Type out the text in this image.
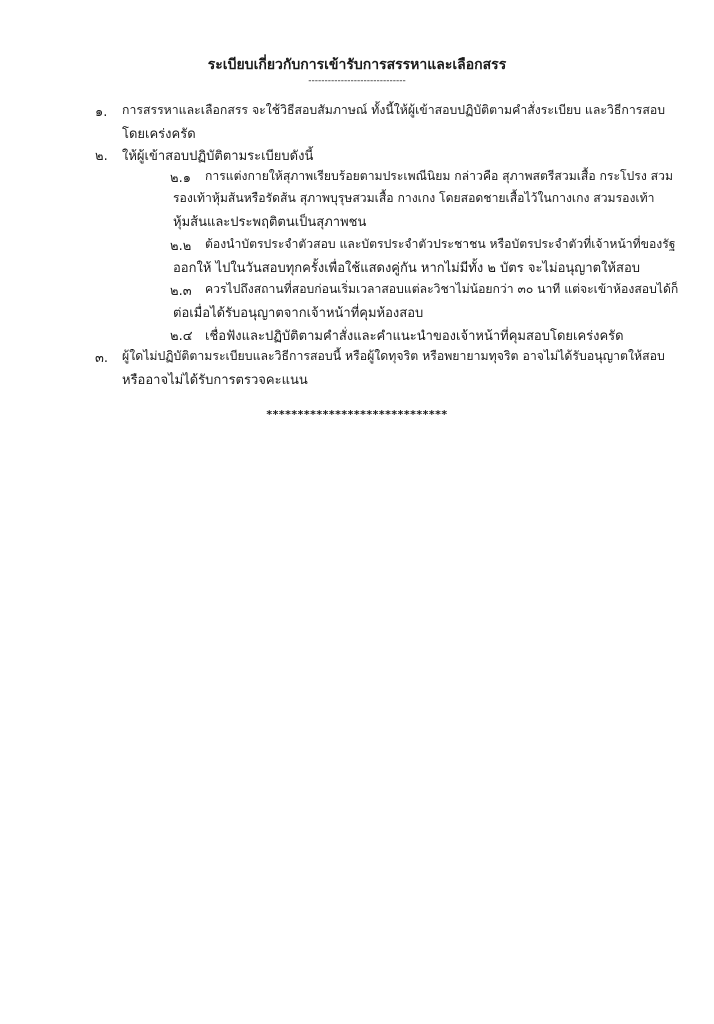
ระเบียบเกี่ยวกับการเข้ารับการสรรหาและเลือกสรร
------------------------------
๑. การสรรหาและเลือกสรร จะใช้วิธีสอบสัมภาษณ์ ทั้งนี้ให้ผู้เข้าสอบปฏิบัติตามคำสั่งระเบียบ และวิธีการสอบ
โดยเคร่งครัด
๒. ให้ผู้เข้าสอบปฏิบัติตามระเบียบดังนี้
๒.๑ การแต่งกายให้สุภาพเรียบร้อยตามประเพณีนิยม กล่าวคือ สุภาพสตรีสวมเสื้อ กระโปรง สวม
รองเท้าหุ้มส้นหรือรัดส้น สุภาพบุรุษสวมเสื้อ กางเกง โดยสอดชายเสื้อไว้ในกางเกง สวมรองเท้า
หุ้มส้นและประพฤติตนเป็นสุภาพชน
๒.๒ ต้องนำบัตรประจำตัวสอบ และบัตรประจำตัวประชาชน หรือบัตรประจำตัวที่เจ้าหน้าที่ของรัฐ
ออกให้ ไปในวันสอบทุกครั้งเพื่อใช้แสดงคู่กัน หากไม่มีทั้ง ๒ บัตร จะไม่อนุญาตให้สอบ
๒.๓ ควรไปถึงสถานที่สอบก่อนเริ่มเวลาสอบแต่ละวิชาไม่น้อยกว่า ๓๐ นาที แต่จะเข้าห้องสอบได้ก็
ต่อเมื่อได้รับอนุญาตจากเจ้าหน้าที่คุมห้องสอบ
๒.๔ เชื่อฟังและปฏิบัติตามคำสั่งและคำแนะนำของเจ้าหน้าที่คุมสอบโดยเคร่งครัด
๓. ผู้ใดไม่ปฏิบัติตามระเบียบและวิธีการสอบนี้ หรือผู้ใดทุจริต หรือพยายามทุจริต อาจไม่ได้รับอนุญาตให้สอบ
หรืออาจไม่ได้รับการตรวจคะแนน
*****************************
